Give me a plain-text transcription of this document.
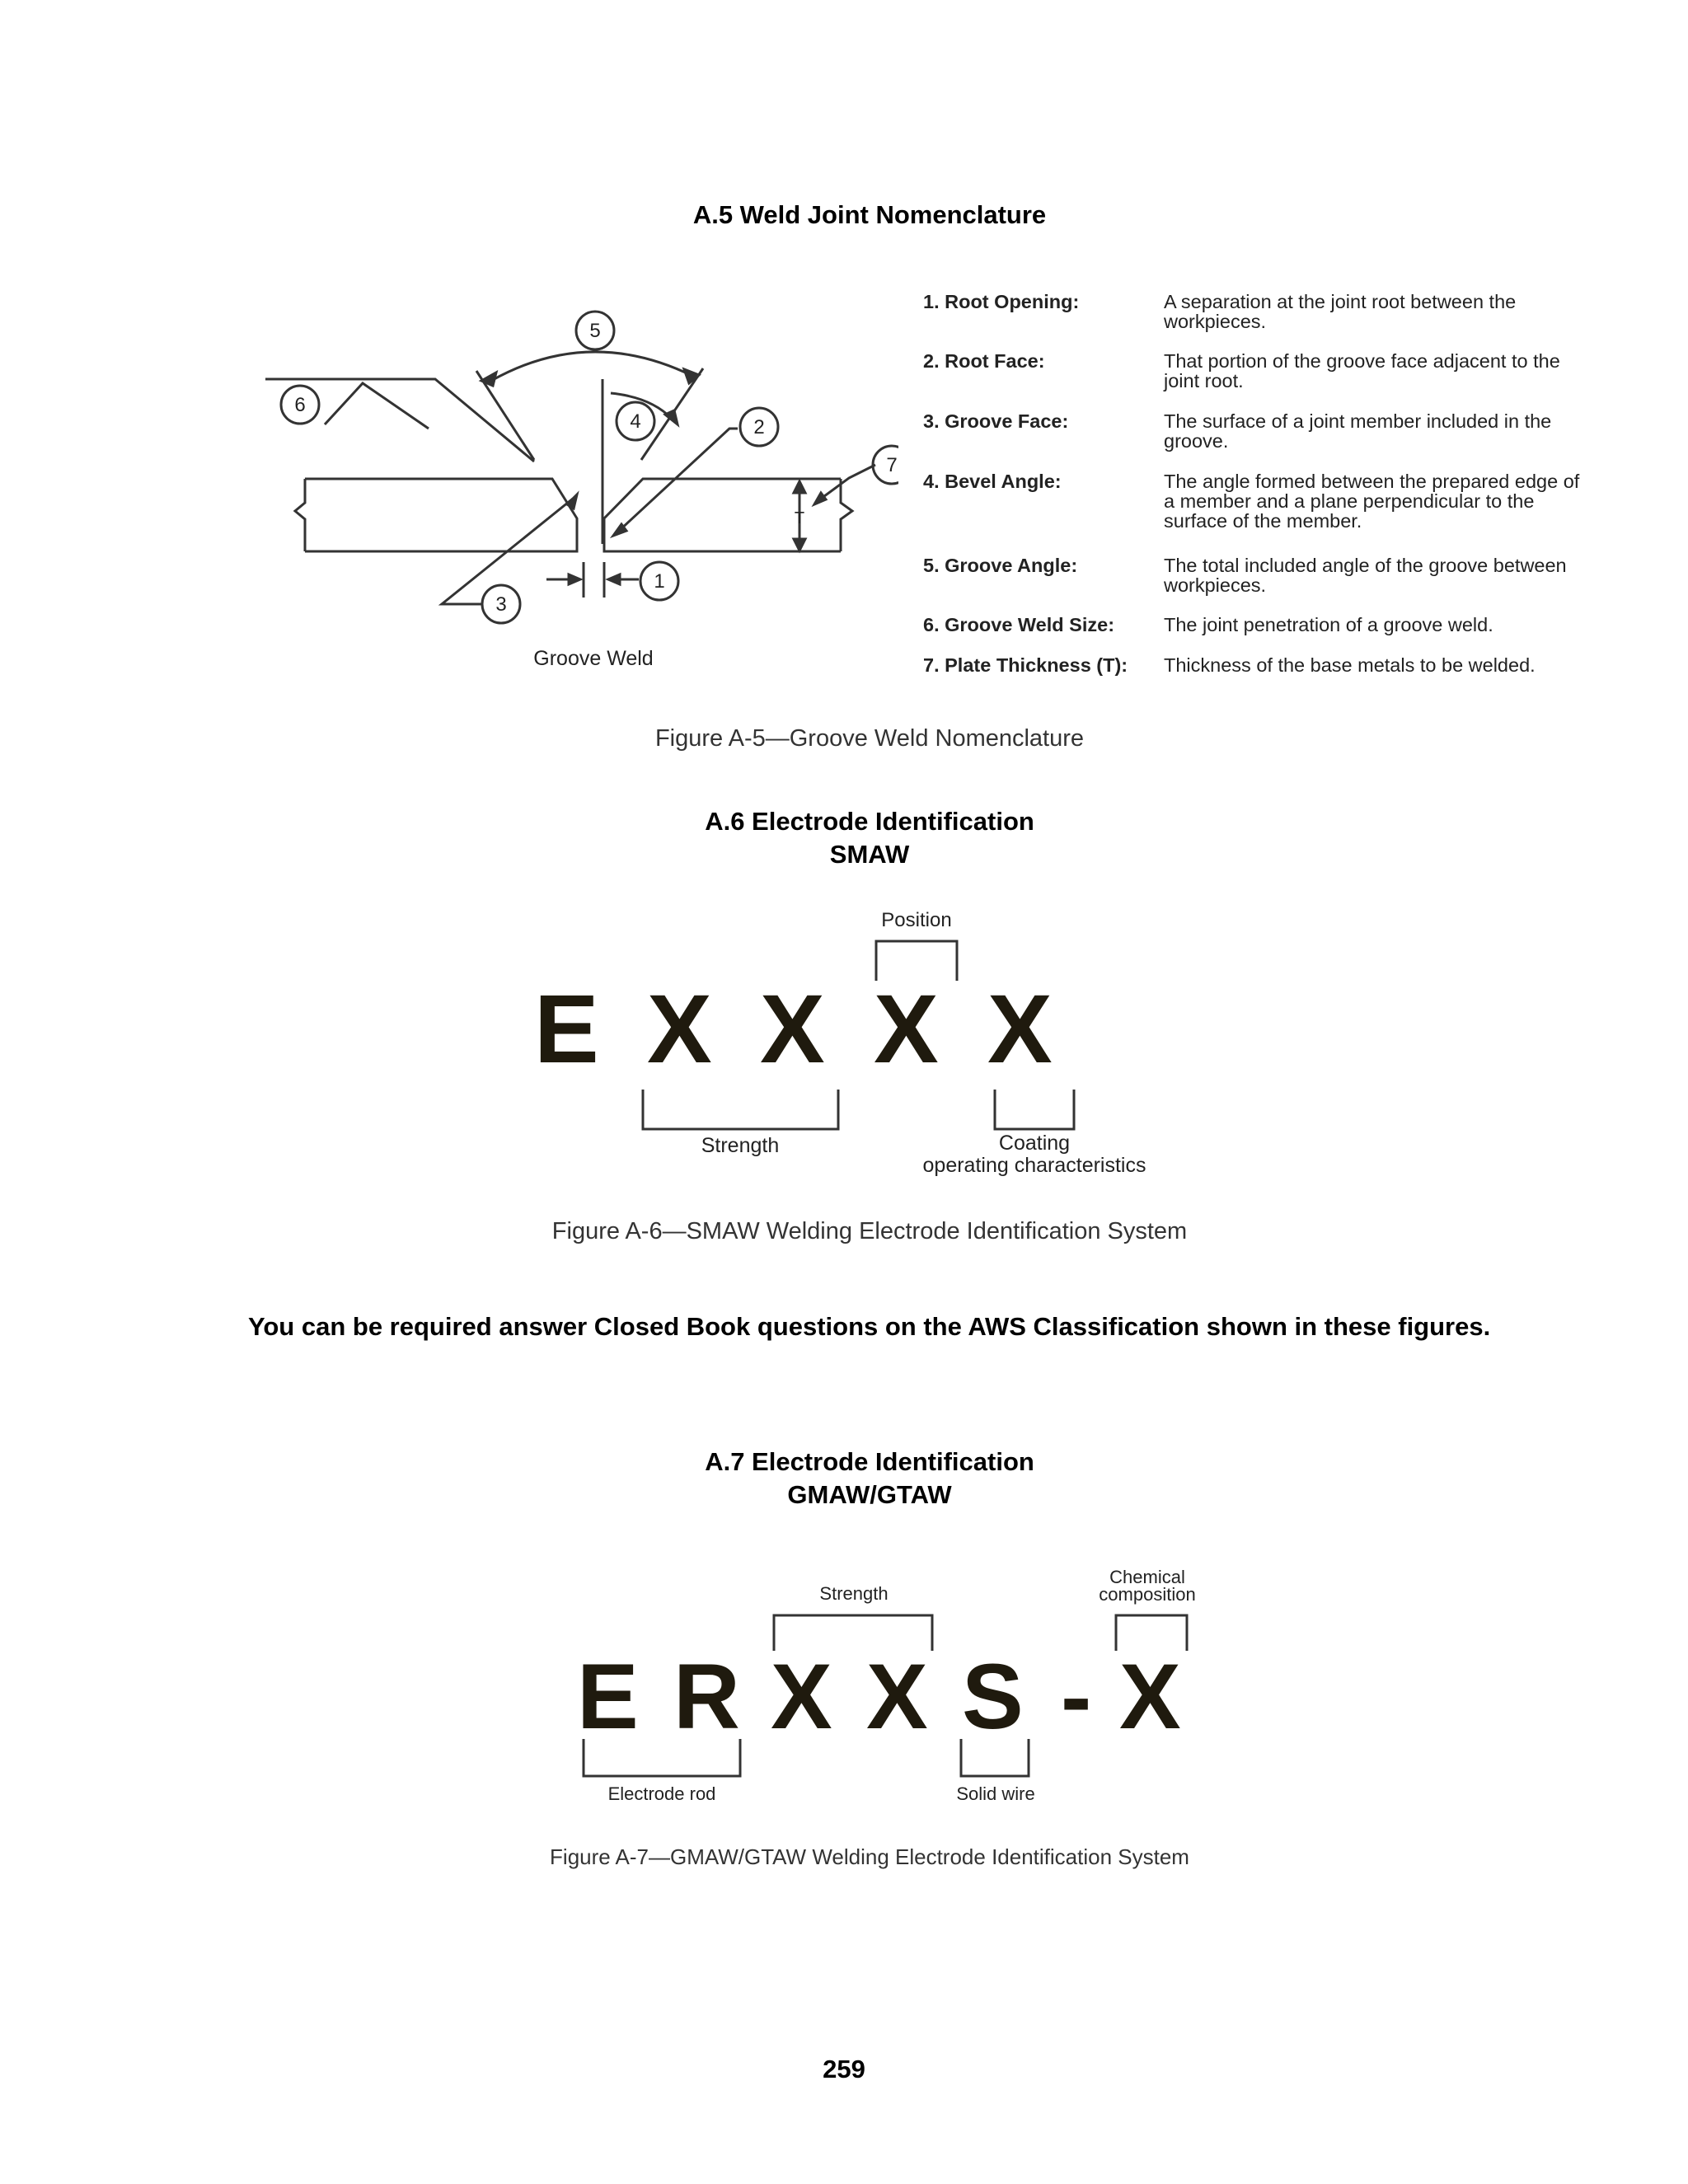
A.5 Weld Joint Nomenclature
5
6
4	2
7
1
3
T
Groove Weld
1. Root Opening:	A separation at the joint root between the workpieces.
2. Root Face:	That portion of the groove face adjacent to the joint root.
3. Groove Face:	The surface of a joint member included in the groove.
4. Bevel Angle:	The angle formed between the prepared edge of a member and a plane perpendicular to the surface of the member.
5. Groove Angle:	The total included angle of the groove between workpieces.
6. Groove Weld Size:	The joint penetration of a groove weld.
7. Plate Thickness (T): Thickness of the base metals to be welded.
Figure A-5—Groove Weld Nomenclature
A.6 Electrode Identification
SMAW
Position
E X X X X
Strength	Coating
operating characteristics
Figure A-6—SMAW Welding Electrode Identification System
You can be required answer Closed Book questions on the AWS Classification shown in these figures.
A.7 Electrode Identification
GMAW/GTAW
Strength
Chemical
composition
E R X X S - X
Electrode rod	Solid wire
Figure A-7—GMAW/GTAW Welding Electrode Identification System
259
